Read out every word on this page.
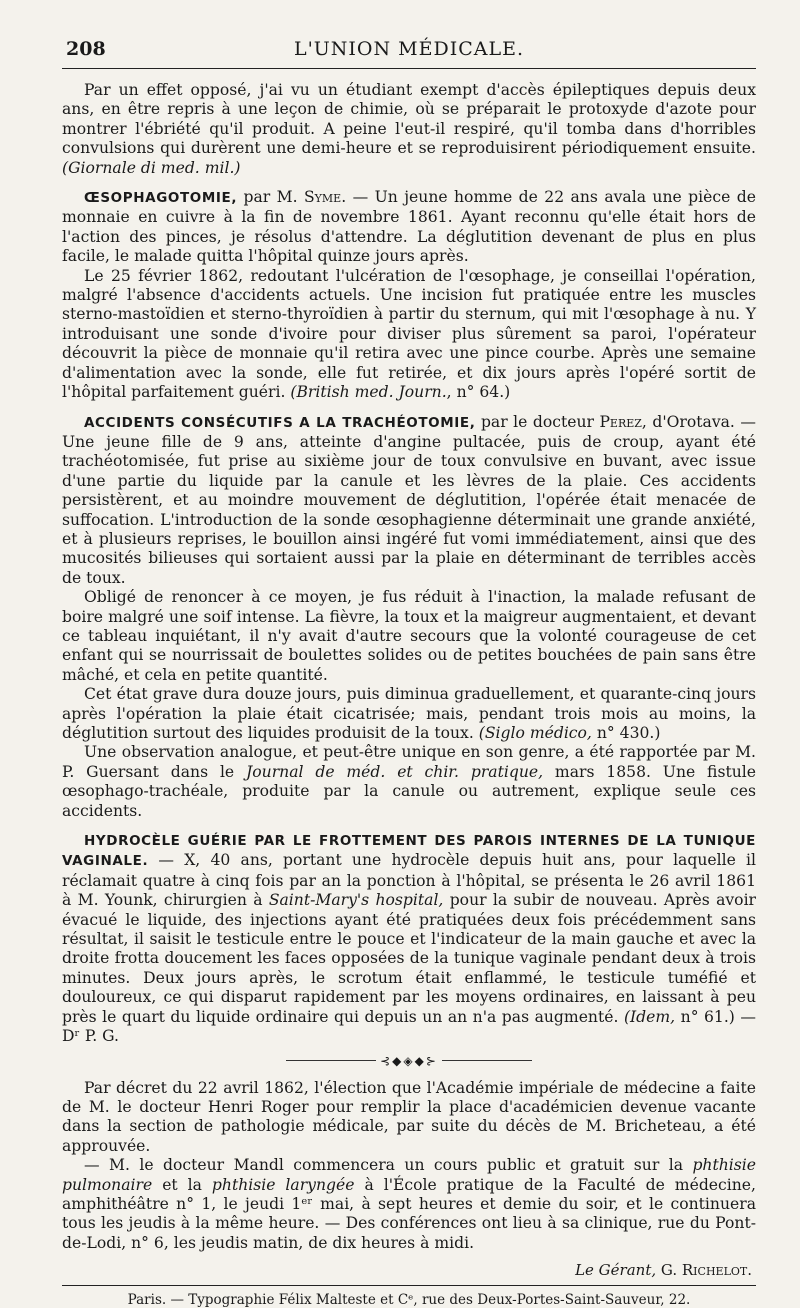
208	L'UNION MÉDICALE.

Par un effet opposé, j'ai vu un étudiant exempt d'accès épileptiques depuis deux ans, en être repris à une leçon de chimie, où se préparait le protoxyde d'azote pour montrer l'ébriété qu'il produit. A peine l'eut-il respiré, qu'il tomba dans d'horribles convulsions qui durèrent une demi-heure et se reproduisirent périodiquement ensuite. (Giornale di med. mil.)

ŒSOPHAGOTOMIE, par M. Syme. — Un jeune homme de 22 ans avala une pièce de monnaie en cuivre à la fin de novembre 1861. Ayant reconnu qu'elle était hors de l'action des pinces, je résolus d'attendre. La déglutition devenant de plus en plus facile, le malade quitta l'hôpital quinze jours après.

Le 25 février 1862, redoutant l'ulcération de l'œsophage, je conseillai l'opération, malgré l'absence d'accidents actuels. Une incision fut pratiquée entre les muscles sterno-mastoïdien et sterno-thyroïdien à partir du sternum, qui mit l'œsophage à nu. Y introduisant une sonde d'ivoire pour diviser plus sûrement sa paroi, l'opérateur découvrit la pièce de monnaie qu'il retira avec une pince courbe. Après une semaine d'alimentation avec la sonde, elle fut retirée, et dix jours après l'opéré sortit de l'hôpital parfaitement guéri. (British med. Journ., n° 64.)

ACCIDENTS CONSÉCUTIFS A LA TRACHÉOTOMIE, par le docteur Perez, d'Orotava. — Une jeune fille de 9 ans, atteinte d'angine pultacée, puis de croup, ayant été trachéotomisée, fut prise au sixième jour de toux convulsive en buvant, avec issue d'une partie du liquide par la canule et les lèvres de la plaie. Ces accidents persistèrent, et au moindre mouvement de déglutition, l'opérée était menacée de suffocation. L'introduction de la sonde œsophagienne déterminait une grande anxiété, et à plusieurs reprises, le bouillon ainsi ingéré fut vomi immédiatement, ainsi que des mucosités bilieuses qui sortaient aussi par la plaie en déterminant de terribles accès de toux.

Obligé de renoncer à ce moyen, je fus réduit à l'inaction, la malade refusant de boire malgré une soif intense. La fièvre, la toux et la maigreur augmentaient, et devant ce tableau inquiétant, il n'y avait d'autre secours que la volonté courageuse de cet enfant qui se nourrissait de boulettes solides ou de petites bouchées de pain sans être mâché, et cela en petite quantité.

Cet état grave dura douze jours, puis diminua graduellement, et quarante-cinq jours après l'opération la plaie était cicatrisée; mais, pendant trois mois au moins, la déglutition surtout des liquides produisit de la toux. (Siglo médico, n° 430.)

Une observation analogue, et peut-être unique en son genre, a été rapportée par M. P. Guersant dans le Journal de méd. et chir. pratique, mars 1858. Une fistule œsophago-trachéale, produite par la canule ou autrement, explique seule ces accidents.

HYDROCÈLE GUÉRIE PAR LE FROTTEMENT DES PAROIS INTERNES DE LA TUNIQUE VAGINALE. — X, 40 ans, portant une hydrocèle depuis huit ans, pour laquelle il réclamait quatre à cinq fois par an la ponction à l'hôpital, se présenta le 26 avril 1861 à M. Younk, chirurgien à Saint-Mary's hospital, pour la subir de nouveau. Après avoir évacué le liquide, des injections ayant été pratiquées deux fois précédemment sans résultat, il saisit le testicule entre le pouce et l'indicateur de la main gauche et avec la droite frotta doucement les faces opposées de la tunique vaginale pendant deux à trois minutes. Deux jours après, le scrotum était enflammé, le testicule tuméfié et douloureux, ce qui disparut rapidement par les moyens ordinaires, en laissant à peu près le quart du liquide ordinaire qui depuis un an n'a pas augmenté. (Idem, n° 61.) — Dʳ P. G.

⊰◆◈◆⊱

Par décret du 22 avril 1862, l'élection que l'Académie impériale de médecine a faite de M. le docteur Henri Roger pour remplir la place d'académicien devenue vacante dans la section de pathologie médicale, par suite du décès de M. Bricheteau, a été approuvée.

— M. le docteur Mandl commencera un cours public et gratuit sur la phthisie pulmonaire et la phthisie laryngée à l'École pratique de la Faculté de médecine, amphithéâtre n° 1, le jeudi 1ᵉʳ mai, à sept heures et demie du soir, et le continuera tous les jeudis à la même heure. — Des conférences ont lieu à sa clinique, rue du Pont-de-Lodi, n° 6, les jeudis matin, de dix heures à midi.

Le Gérant, G. Richelot.
Paris. — Typographie Félix Malteste et Cᵉ, rue des Deux-Portes-Saint-Sauveur, 22.
